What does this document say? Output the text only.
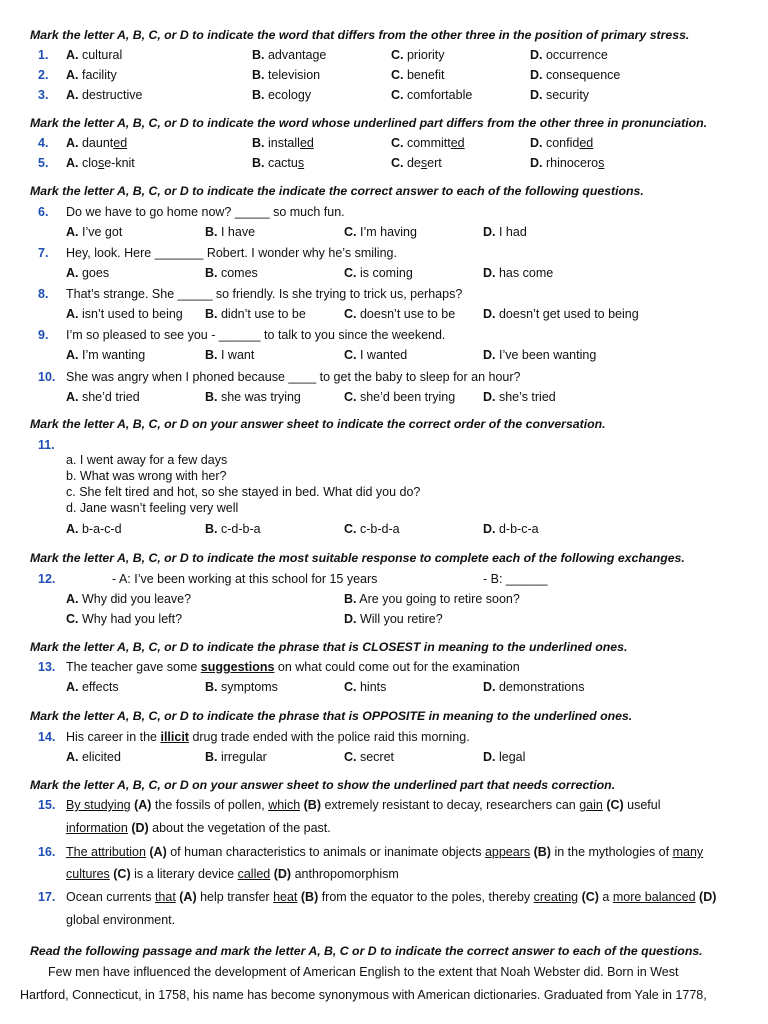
Mark the letter A, B, C, or D to indicate the word that differs from the other three in the position of primary stress.
1. A. cultural	B. advantage	C. priority	D. occurrence
2. A. facility	B. television	C. benefit	D. consequence
3. A. destructive	B. ecology	C. comfortable	D. security
Mark the letter A, B, C, or D to indicate the word whose underlined part differs from the other three in pronunciation.
4. A. daunted	B. installed	C. committed	D. confided
5. A. close-knit	B. cactus	C. desert	D. rhinoceros
Mark the letter A, B, C, or D to indicate the indicate the correct answer to each of the following questions.
6. Do we have to go home now? _____ so much fun.
A. I’ve got	B. I have	C. I’m having	D. I had
7. Hey, look. Here _______ Robert. I wonder why he’s smiling.
A. goes	B. comes	C. is coming	D. has come
8. That’s strange. She _____ so friendly. Is she trying to trick us, perhaps?
A. isn’t used to being B. didn’t use to be	C. doesn’t use to be D. doesn’t get used to being
9. I’m so pleased to see you - ______ to talk to you since the weekend.
A. I’m wanting	B. I want	C. I wanted	D. I’ve been wanting
10. She was angry when I phoned because ____ to get the baby to sleep for an hour?
A. she’d tried	B. she was trying	C. she’d been trying D. she’s tried
Mark the letter A, B, C, or D on your answer sheet to indicate the correct order of the conversation.
11.
a. I went away for a few days
b. What was wrong with her?
c. She felt tired and hot, so she stayed in bed. What did you do?
d. Jane wasn’t feeling very well
A. b-a-c-d	B. c-d-b-a	C. c-b-d-a	D. d-b-c-a
Mark the letter A, B, C, or D to indicate the most suitable response to complete each of the following exchanges.
12.	- A: I’ve been working at this school for 15 years	- B: ______
A. Why did you leave?	B. Are you going to retire soon?
C. Why had you left?	D. Will you retire?
Mark the letter A, B, C, or D to indicate the phrase that is CLOSEST in meaning to the underlined ones.
13. The teacher gave some suggestions on what could come out for the examination
A. effects	B. symptoms	C. hints	D. demonstrations
Mark the letter A, B, C, or D to indicate the phrase that is OPPOSITE in meaning to the underlined ones.
14. His career in the illicit drug trade ended with the police raid this morning.
A. elicited	B. irregular	C. secret	D. legal
Mark the letter A, B, C, or D on your answer sheet to show the underlined part that needs correction.
15. By studying (A) the fossils of pollen, which (B) extremely resistant to decay, researchers can gain (C) useful
information (D) about the vegetation of the past.
16. The attribution (A) of human characteristics to animals or inanimate objects appears (B) in the mythologies of many
cultures (C) is a literary device called (D) anthropomorphism
17. Ocean currents that (A) help transfer heat (B) from the equator to the poles, thereby creating (C) a more balanced (D)
global environment.
Read the following passage and mark the letter A, B, C or D to indicate the correct answer to each of the questions.
Few men have influenced the development of American English to the extent that Noah Webster did. Born in West
Hartford, Connecticut, in 1758, his name has become synonymous with American dictionaries. Graduated from Yale in 1778,
